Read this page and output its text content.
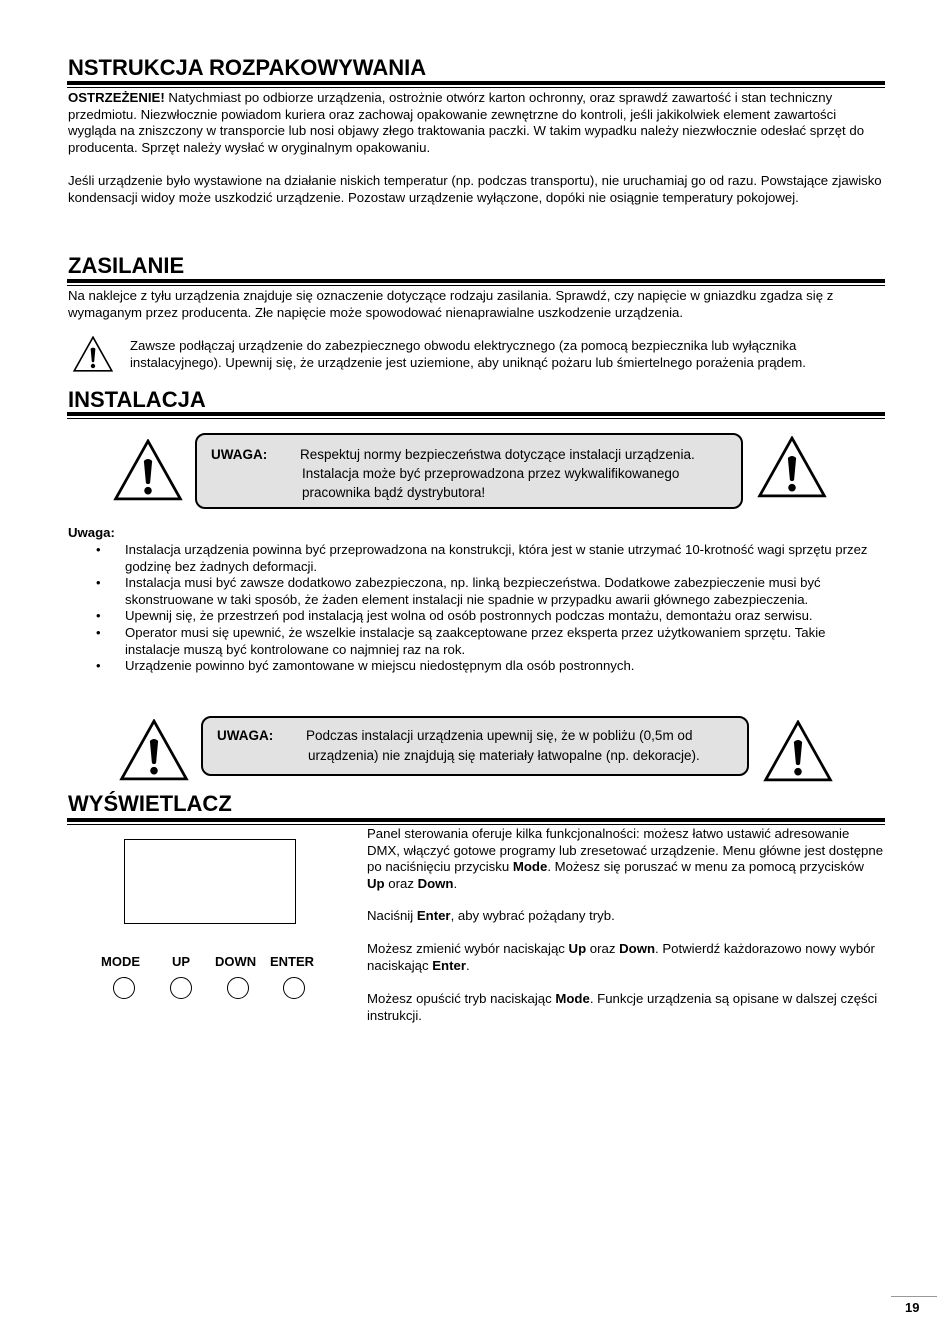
NSTRUKCJA ROZPAKOWYWANIA

OSTRZEŻENIE! Natychmiast po odbiorze urządzenia, ostrożnie otwórz karton ochronny, oraz sprawdź zawartość i stan techniczny przedmiotu. Niezwłocznie powiadom kuriera oraz zachowaj opakowanie zewnętrzne do kontroli, jeśli jakikolwiek element zawartości wygląda na zniszczony w transporcie lub nosi objawy złego traktowania paczki. W takim wypadku należy niezwłocznie odesłać sprzęt do producenta. Sprzęt należy wysłać w oryginalnym opakowaniu.

Jeśli urządzenie było wystawione na działanie niskich temperatur (np. podczas transportu), nie uruchamiaj go od razu. Powstające zjawisko kondensacji widoy może uszkodzić urządzenie. Pozostaw urządzenie wyłączone, dopóki nie osiągnie temperatury pokojowej.

ZASILANIE

Na naklejce z tyłu urządzenia znajduje się oznaczenie dotyczące rodzaju zasilania. Sprawdź, czy napięcie w gniazdku zgadza się z wymaganym przez producenta. Złe napięcie może spowodować nienaprawialne uszkodzenie urządzenia.

Zawsze podłączaj urządzenie do zabezpiecznego obwodu elektrycznego (za pomocą bezpiecznika lub wyłącznika instalacyjnego). Upewnij się, że urządzenie jest uziemione, aby uniknąć pożaru lub śmiertelnego porażenia prądem.

INSTALACJA
UWAGA: Respektuj normy bezpieczeństwa dotyczące instalacji urządzenia.
Instalacja może być przeprowadzona przez wykwalifikowanego
pracownika bądź dystrybutora!

Uwaga:

• Instalacja urządzenia powinna być przeprowadzona na konstrukcji, która jest w stanie utrzymać 10-krotność wagi sprzętu przez godzinę bez żadnych deformacji.
• Instalacja musi być zawsze dodatkowo zabezpieczona, np. linką bezpieczeństwa. Dodatkowe zabezpieczenie musi być skonstruowane w taki sposób, że żaden element instalacji nie spadnie w przypadku awarii głównego zabezpieczenia.
• Upewnij się, że przestrzeń pod instalacją jest wolna od osób postronnych podczas montażu, demontażu oraz serwisu.
• Operator musi się upewnić, że wszelkie instalacje są zaakceptowane przez eksperta przez użytkowaniem sprzętu. Takie instalacje muszą być kontrolowane co najmniej raz na rok.
• Urządzenie powinno być zamontowane w miejscu niedostępnym dla osób postronnych.
UWAGA: Podczas instalacji urządzenia upewnij się, że w pobliżu (0,5m od
urządzenia) nie znajdują się materiały łatwopalne (np. dekoracje).
WYŚWIETLACZ
MODE UP DOWN ENTER

Panel sterowania oferuje kilka funkcjonalności: możesz łatwo ustawić adresowanie DMX, włączyć gotowe programy lub zresetować urządzenie. Menu główne jest dostępne po naciśnięciu przycisku Mode. Możesz się poruszać w menu za pomocą przycisków Up oraz Down.

Naciśnij Enter, aby wybrać pożądany tryb.

Możesz zmienić wybór naciskając Up oraz Down. Potwierdź każdorazowo nowy wybór naciskając Enter.

Możesz opuścić tryb naciskając Mode. Funkcje urządzenia są opisane w dalszej części instrukcji.

19
